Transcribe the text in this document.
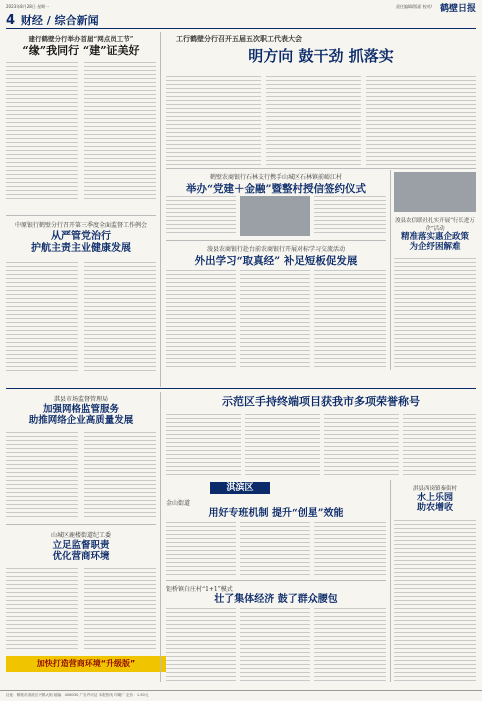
2023年8月28日 星期一	责任编辑/版面 校对/ 鹤壁日报
4 财经 / 综合新闻
建行鹤壁分行举办首届“网点员工节”
“缘”我同行 “建”证美好
中原银行鹤壁分行召开第三季度全面监督工作例会
从严管党治行
护航主责主业健康发展
工行鹤壁分行召开五届五次职工代表大会
明方向 鼓干劲 抓落实
鹤壁农商银行石林支行携手山城区石林镇前峪江村
举办“党建＋金融”暨整村授信签约仪式
浚县农商银行赴台前农商银行开展对标学习交流活动
外出学习“取真经” 补足短板促发展
浚县农信联社扎实开展“行长进万企”活动
精准落实惠企政策
为企纾困解难
淇县市场监督管理局
加强网格监管服务
助推网络企业高质量发展
山城区鹿楼街道纪工委
立足监督职责
优化营商环境
加快打造营商环境“升级版”
示范区手持终端项目获我市多项荣誉称号
淇滨区
金山街道
用好专班机制 提升“创星”效能
钜桥镇白庄村“1+1”模式
壮了集体经济 鼓了群众腰包
淇县西岗镇秦街村
水上乐园
助农增收
社址：鹤壁市淇滨区兴鹤大街 邮编：458030 广告许可证 本报热线 印刷厂 定价：1.50元
